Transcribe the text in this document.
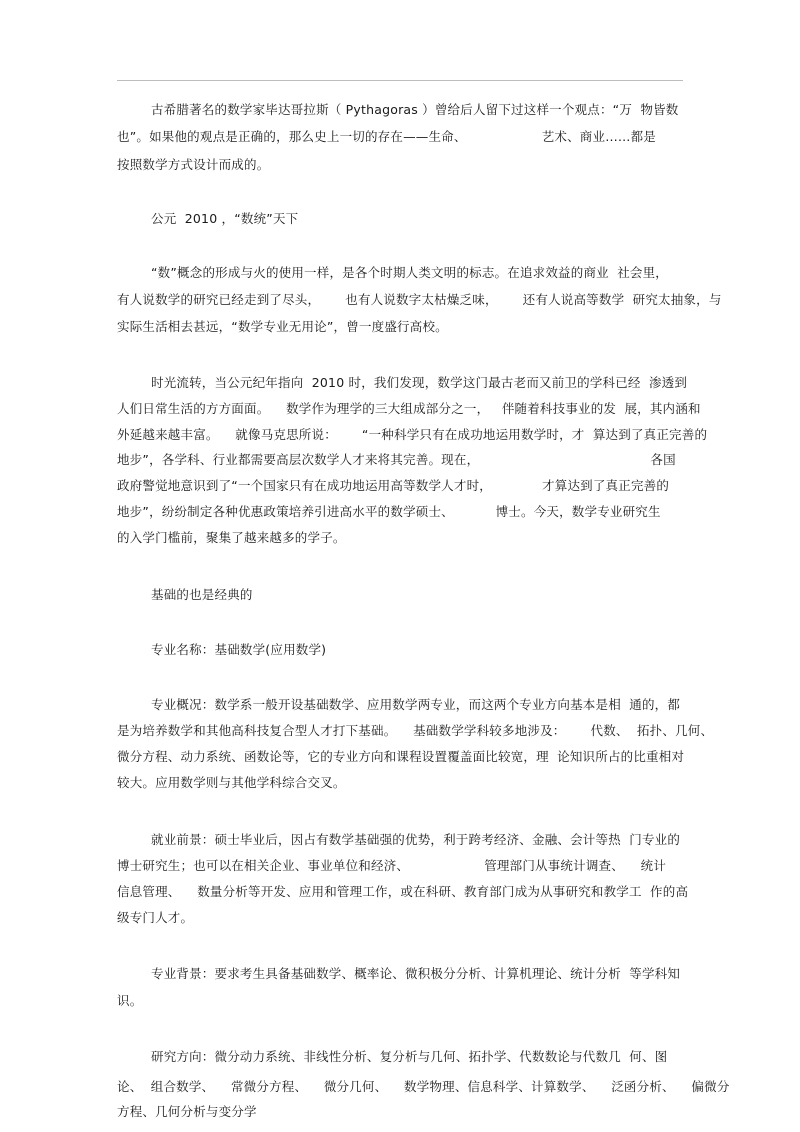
古希腊著名的数学家毕达哥拉斯（ Pythagoras ）曾给后人留下过这样一个观点：“万  物皆数
也”。如果他的观点是正确的，那么史上一切的存在——生命、                  艺术、商业……都是
按照数学方式设计而成的。
公元  2010 ，“数统”天下
“数”概念的形成与火的使用一样，是各个时期人类文明的标志。在追求效益的商业  社会里，
有人说数学的研究已经走到了尽头，      也有人说数字太枯燥乏味，      还有人说高等数学  研究太抽象，与
实际生活相去甚远，“数学专业无用论”，曾一度盛行高校。
时光流转，当公元纪年指向  2010 时，我们发现，数学这门最古老而又前卫的学科已经  渗透到
人们日常生活的方方面面。    数学作为理学的三大组成部分之一，   伴随着科技事业的发  展，其内涵和
外延越来越丰富。    就像马克思所说：      “一种科学只有在成功地运用数学时，才  算达到了真正完善的
地步”，各学科、行业都需要高层次数学人才来将其完善。现在，                                         各国
政府警觉地意识到了“一个国家只有在成功地运用高等数学人才时，            才算达到了真正完善的
地步”，纷纷制定各种优惠政策培养引进高水平的数学硕士、          博士。今天，数学专业研究生
的入学门槛前，聚集了越来越多的学子。
基础的也是经典的
专业名称：基础数学(应用数学)
专业概况：数学系一般开设基础数学、应用数学两专业，而这两个专业方向基本是相  通的，都
是为培养数学和其他高科技复合型人才打下基础。    基础数学学科较多地涉及：      代数、  拓扑、几何、
微分方程、动力系统、函数论等，它的专业方向和课程设置覆盖面比较宽，理  论知识所占的比重相对
较大。应用数学则与其他学科综合交叉。
就业前景：硕士毕业后，因占有数学基础强的优势，利于跨考经济、金融、会计等热  门专业的
博士研究生；也可以在相关企业、事业单位和经济、                  管理部门从事统计调查、    统计
信息管理、    数量分析等开发、应用和管理工作，或在科研、教育部门成为从事研究和教学工  作的高
级专门人才。
专业背景：要求考生具备基础数学、概率论、微积极分分析、计算机理论、统计分析  等学科知
识。
研究方向：微分动力系统、非线性分析、复分析与几何、拓扑学、代数数论与代数几  何、图
论、  组合数学、    常微分方程、    微分几何、    数学物理、信息科学、计算数学、    泛函分析、    偏微分
方程、几何分析与变分学
